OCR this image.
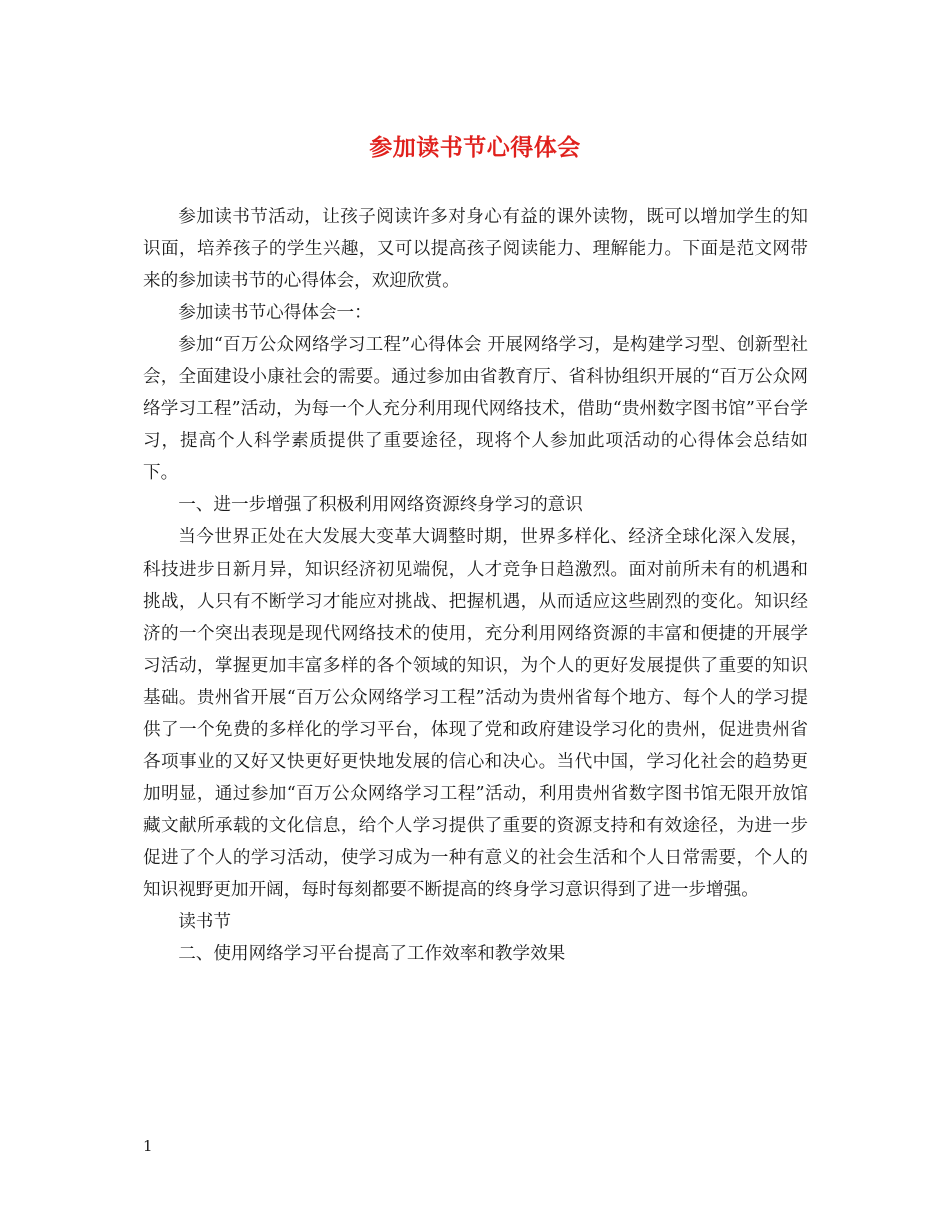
参加读书节心得体会

参加读书节活动，让孩子阅读许多对身心有益的课外读物，既可以增加学生的知识面，培养孩子的学生兴趣，又可以提高孩子阅读能力、理解能力。下面是范文网带来的参加读书节的心得体会，欢迎欣赏。

参加读书节心得体会一：

参加“百万公众网络学习工程”心得体会 开展网络学习，是构建学习型、创新型社会，全面建设小康社会的需要。通过参加由省教育厅、省科协组织开展的“百万公众网络学习工程”活动，为每一个人充分利用现代网络技术，借助“贵州数字图书馆”平台学习，提高个人科学素质提供了重要途径，现将个人参加此项活动的心得体会总结如下。

一、进一步增强了积极利用网络资源终身学习的意识

当今世界正处在大发展大变革大调整时期，世界多样化、经济全球化深入发展，科技进步日新月异，知识经济初见端倪，人才竞争日趋激烈。面对前所未有的机遇和挑战，人只有不断学习才能应对挑战、把握机遇，从而适应这些剧烈的变化。知识经济的一个突出表现是现代网络技术的使用，充分利用网络资源的丰富和便捷的开展学习活动，掌握更加丰富多样的各个领域的知识，为个人的更好发展提供了重要的知识基础。贵州省开展“百万公众网络学习工程”活动为贵州省每个地方、每个人的学习提供了一个免费的多样化的学习平台，体现了党和政府建设学习化的贵州，促进贵州省各项事业的又好又快更好更快地发展的信心和决心。当代中国，学习化社会的趋势更加明显，通过参加“百万公众网络学习工程”活动，利用贵州省数字图书馆无限开放馆藏文献所承载的文化信息，给个人学习提供了重要的资源支持和有效途径，为进一步促进了个人的学习活动，使学习成为一种有意义的社会生活和个人日常需要，个人的知识视野更加开阔，每时每刻都要不断提高的终身学习意识得到了进一步增强。

读书节

二、使用网络学习平台提高了工作效率和教学效果

1
